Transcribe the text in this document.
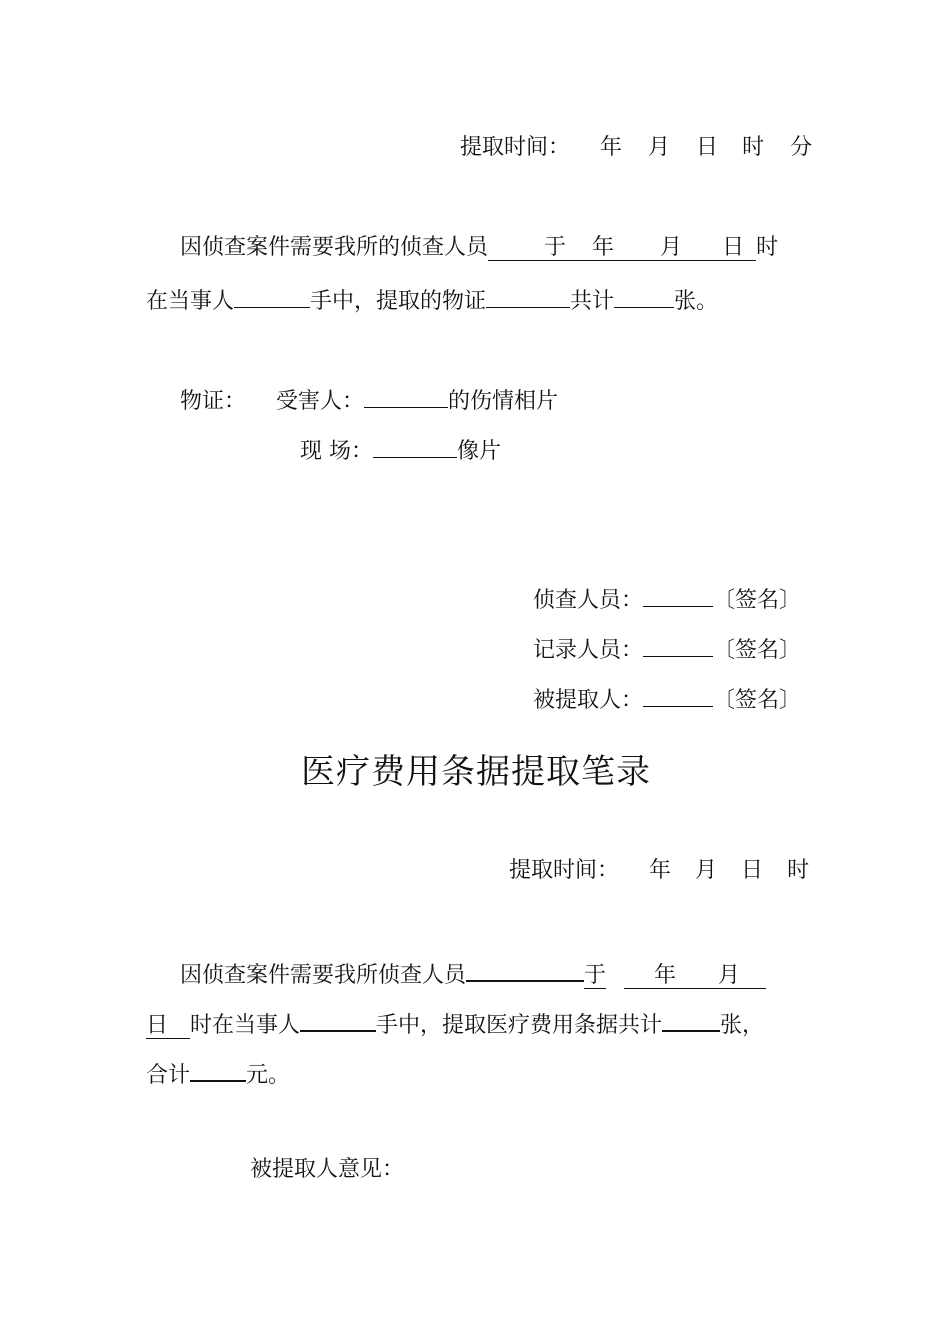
提取时间： 年 月 日 时 分
因侦查案件需要我所的侦查人员	于 年 月 日 时
在当事人	手中，提取的物证	共计	张。
物证： 受害人：	的伤情相片
现 场：	像片
侦查人员：	〔签名〕
记录人员：	〔签名〕
被提取人：	〔签名〕
医疗费用条据提取笔录
提取时间： 年 月 日 时
因侦查案件需要我所侦查人员	于 年 月
日 时在当事人	手中，提取医疗费用条据共计	张，
合计	元。
被提取人意见：
